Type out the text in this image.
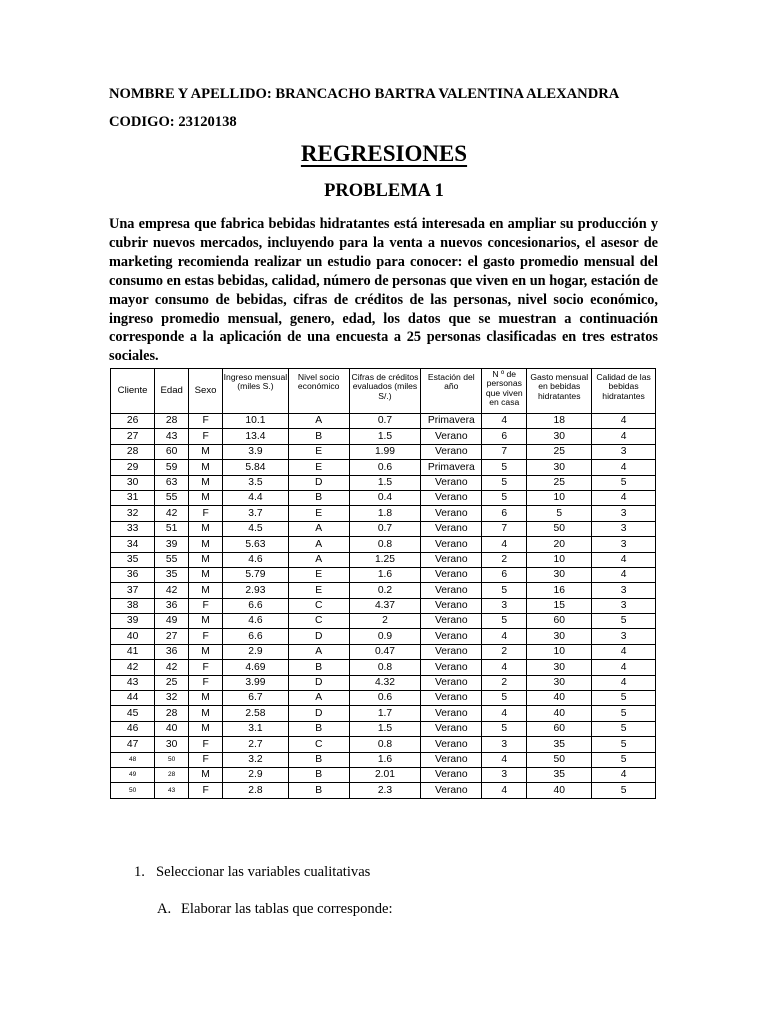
NOMBRE Y APELLIDO: BRANCACHO BARTRA VALENTINA ALEXANDRA
CODIGO: 23120138
REGRESIONES
PROBLEMA 1

Una empresa que fabrica bebidas hidratantes está interesada en ampliar su producción y cubrir nuevos mercados, incluyendo para la venta a nuevos concesionarios, el asesor de marketing recomienda realizar un estudio para conocer: el gasto promedio mensual del consumo en estas bebidas, calidad, número de personas que viven en un hogar, estación de mayor consumo de bebidas, cifras de créditos de las personas, nivel socio económico, ingreso promedio mensual, genero, edad, los datos que se muestran a continuación corresponde a la aplicación de una encuesta a 25 personas clasificadas en tres estratos sociales.

Cliente	Edad	Sexo	Ingreso mensual (miles S.)	Nivel socio económico	Cifras de créditos evaluados (miles S/.)	Estación del año	N º de personas que viven en casa	Gasto mensual en bebidas hidratantes	Calidad de las bebidas hidratantes
26	28	F	10.1	A	0.7	Primavera	4	18	4
27	43	F	13.4	B	1.5	Verano	6	30	4
28	60	M	3.9	E	1.99	Verano	7	25	3
29	59	M	5.84	E	0.6	Primavera	5	30	4
30	63	M	3.5	D	1.5	Verano	5	25	5
31	55	M	4.4	B	0.4	Verano	5	10	4
32	42	F	3.7	E	1.8	Verano	6	5	3
33	51	M	4.5	A	0.7	Verano	7	50	3
34	39	M	5.63	A	0.8	Verano	4	20	3
35	55	M	4.6	A	1.25	Verano	2	10	4
36	35	M	5.79	E	1.6	Verano	6	30	4
37	42	M	2.93	E	0.2	Verano	5	16	3
38	36	F	6.6	C	4.37	Verano	3	15	3
39	49	M	4.6	C	2	Verano	5	60	5
40	27	F	6.6	D	0.9	Verano	4	30	3
41	36	M	2.9	A	0.47	Verano	2	10	4
42	42	F	4.69	B	0.8	Verano	4	30	4
43	25	F	3.99	D	4.32	Verano	2	30	4
44	32	M	6.7	A	0.6	Verano	5	40	5
45	28	M	2.58	D	1.7	Verano	4	40	5
46	40	M	3.1	B	1.5	Verano	5	60	5
47	30	F	2.7	C	0.8	Verano	3	35	5
48	50	F	3.2	B	1.6	Verano	4	50	5
49	28	M	2.9	B	2.01	Verano	3	35	4
50	43	F	2.8	B	2.3	Verano	4	40	5
1. Seleccionar las variables cualitativas
A. Elaborar las tablas que corresponde:
